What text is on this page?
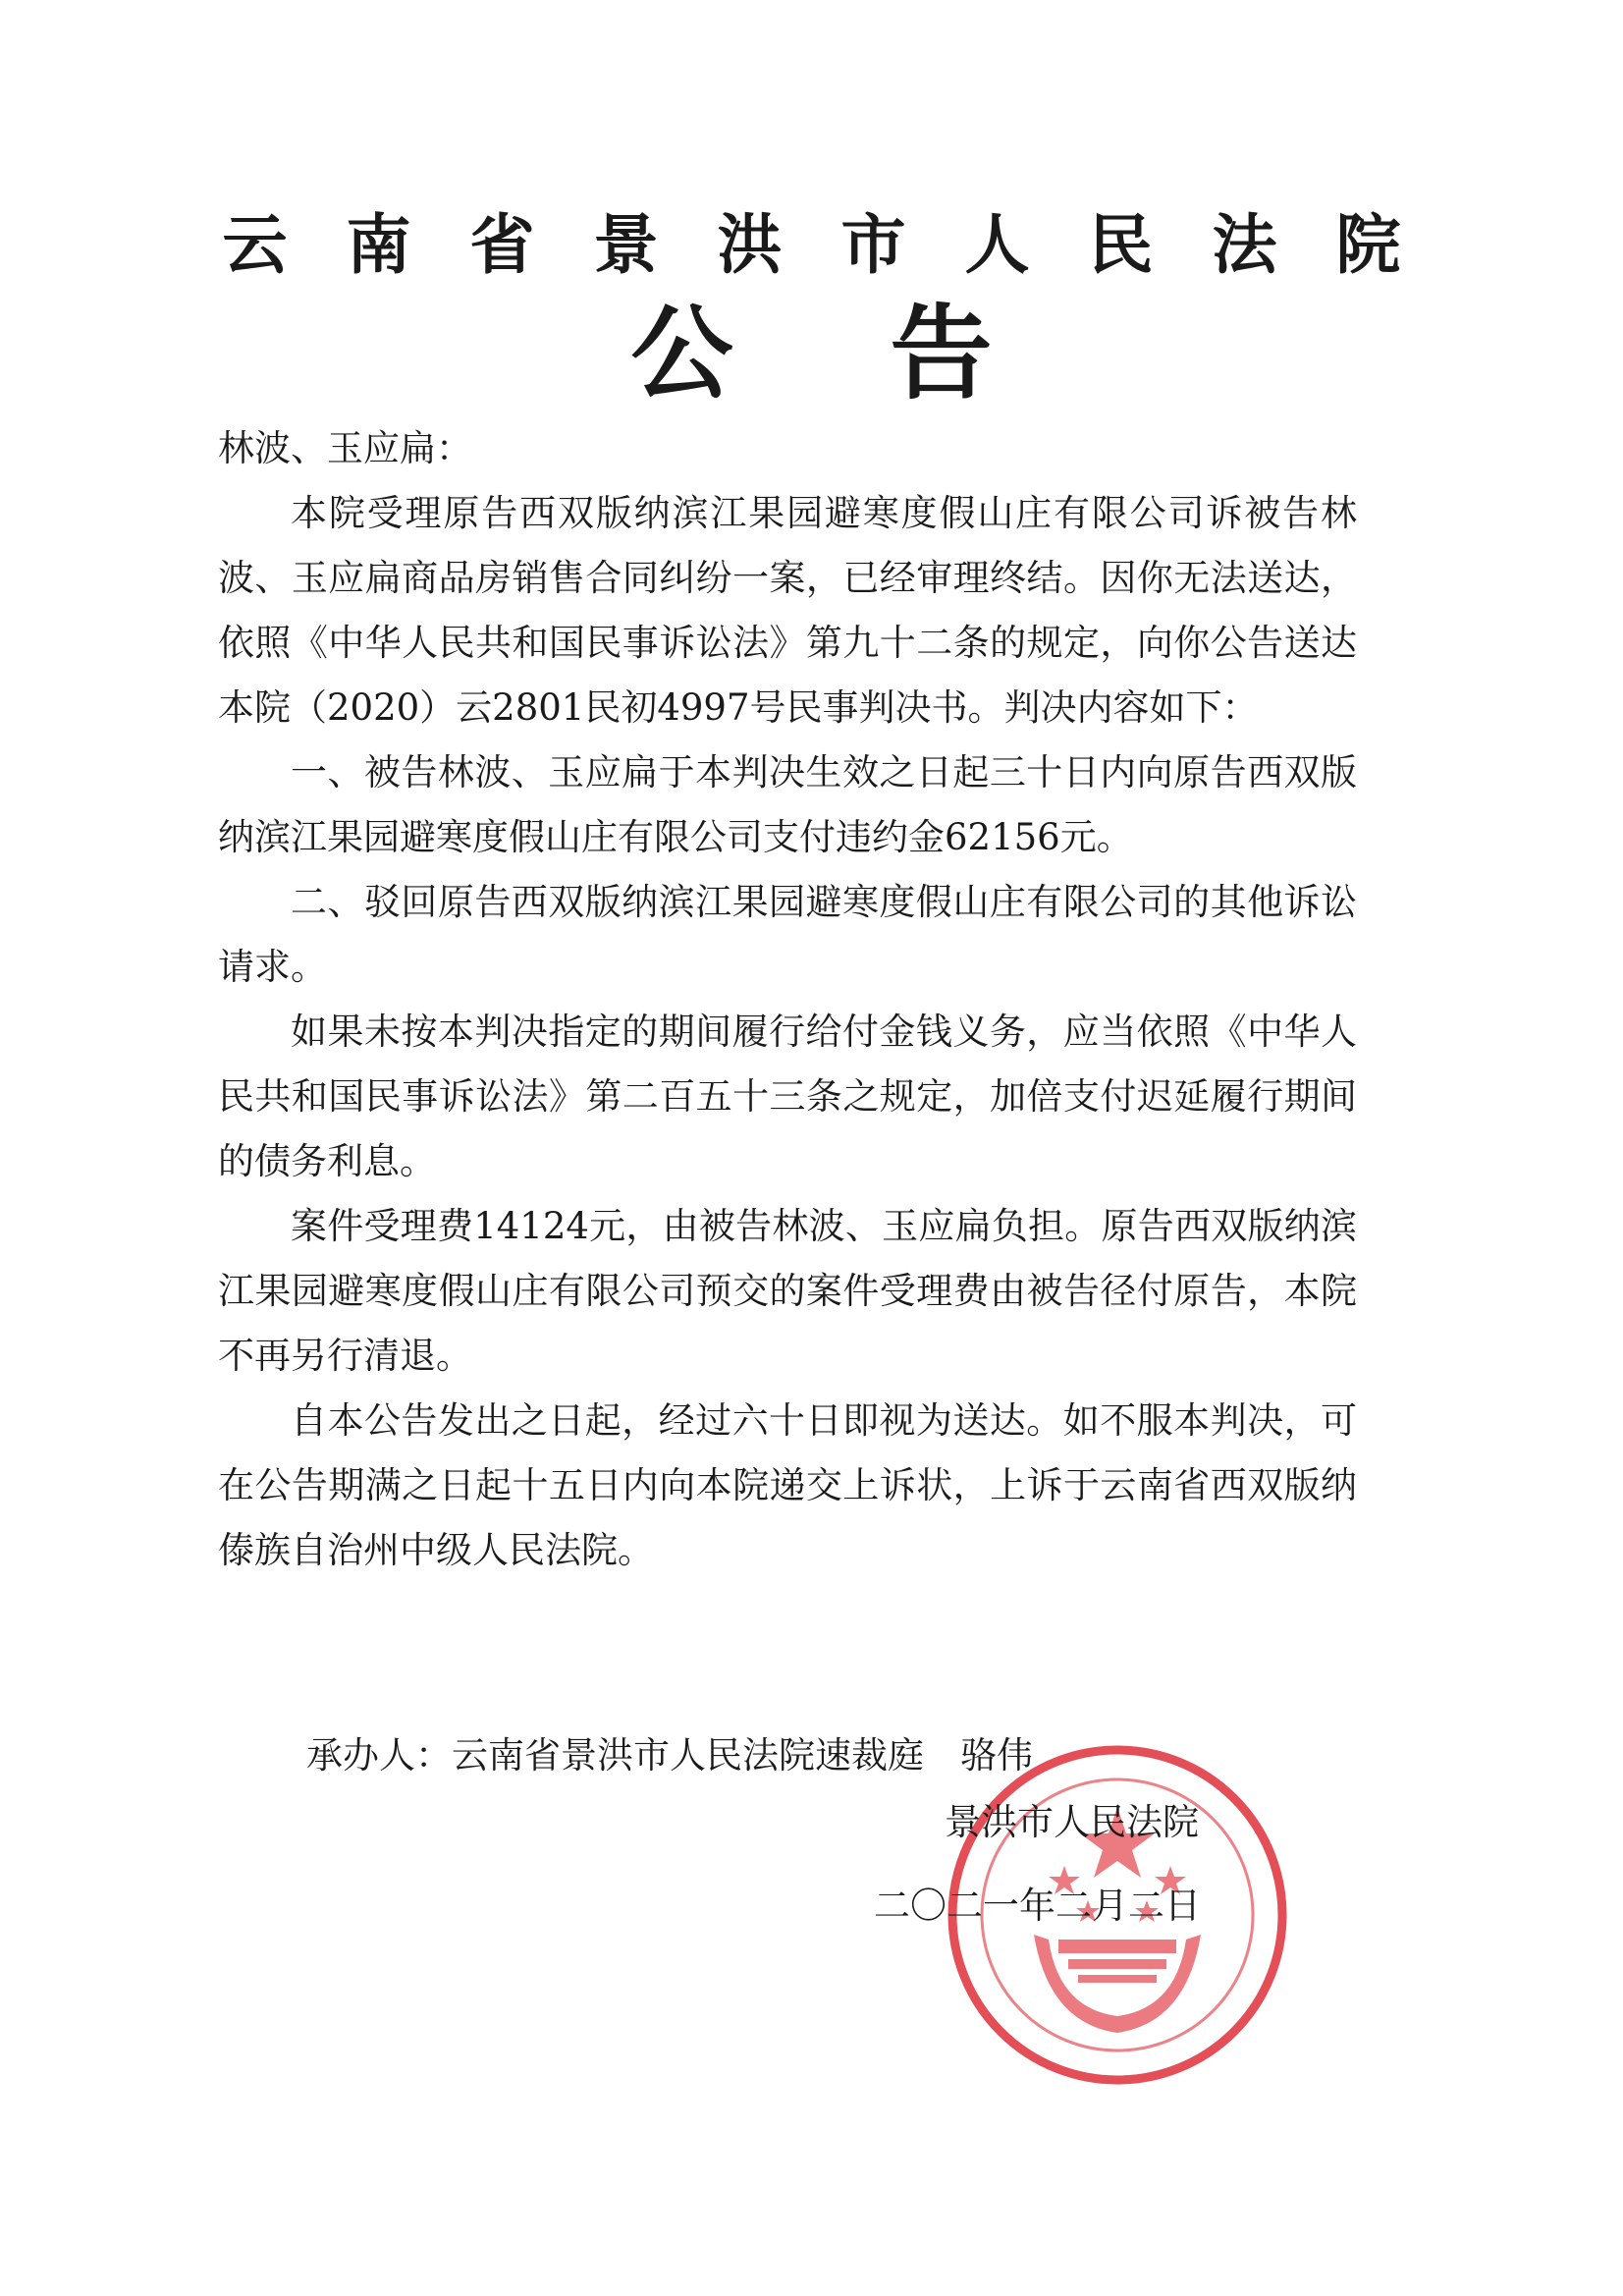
云南省景洪市人民法院
公告

林波、玉应扁：

本院受理原告西双版纳滨江果园避寒度假山庄有限公司诉被告林波、玉应扁商品房销售合同纠纷一案，已经审理终结。因你无法送达，依照《中华人民共和国民事诉讼法》第九十二条的规定，向你公告送达本院（2020）云2801民初4997号民事判决书。判决内容如下：

一、被告林波、玉应扁于本判决生效之日起三十日内向原告西双版纳滨江果园避寒度假山庄有限公司支付违约金62156元。

二、驳回原告西双版纳滨江果园避寒度假山庄有限公司的其他诉讼请求。

如果未按本判决指定的期间履行给付金钱义务，应当依照《中华人民共和国民事诉讼法》第二百五十三条之规定，加倍支付迟延履行期间的债务利息。

案件受理费14124元，由被告林波、玉应扁负担。原告西双版纳滨江果园避寒度假山庄有限公司预交的案件受理费由被告径付原告，本院不再另行清退。

自本公告发出之日起，经过六十日即视为送达。如不服本判决，可在公告期满之日起十五日内向本院递交上诉状，上诉于云南省西双版纳傣族自治州中级人民法院。

承办人：云南省景洪市人民法院速裁庭　骆伟
景洪市人民法院
二〇二一年二月二日
